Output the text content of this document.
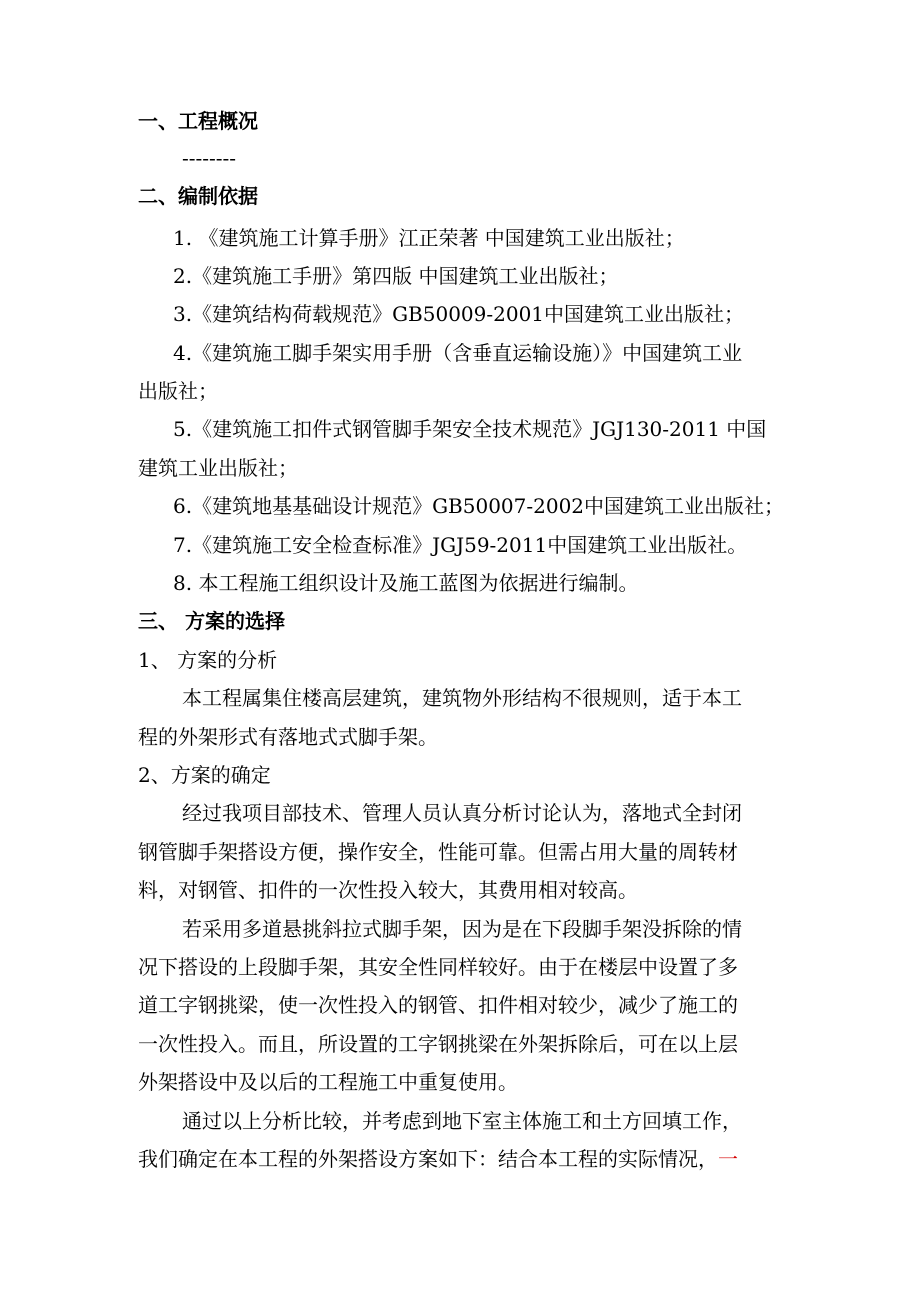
一、工程概况
--------
二、编制依据
1. 《建筑施工计算手册》江正荣著 中国建筑工业出版社；
2.《建筑施工手册》第四版 中国建筑工业出版社；
3.《建筑结构荷载规范》GB50009-2001中国建筑工业出版社；
4.《建筑施工脚手架实用手册（含垂直运输设施）》中国建筑工业
出版社；
5.《建筑施工扣件式钢管脚手架安全技术规范》JGJ130-2011 中国
建筑工业出版社；
6.《建筑地基基础设计规范》GB50007-2002中国建筑工业出版社；
7.《建筑施工安全检查标准》JGJ59-2011中国建筑工业出版社。
8. 本工程施工组织设计及施工蓝图为依据进行编制。
三、 方案的选择
1、 方案的分析
本工程属集住楼高层建筑，建筑物外形结构不很规则，适于本工
程的外架形式有落地式式脚手架。
2、方案的确定
经过我项目部技术、管理人员认真分析讨论认为，落地式全封闭
钢管脚手架搭设方便，操作安全，性能可靠。但需占用大量的周转材
料，对钢管、扣件的一次性投入较大，其费用相对较高。
若采用多道悬挑斜拉式脚手架，因为是在下段脚手架没拆除的情
况下搭设的上段脚手架，其安全性同样较好。由于在楼层中设置了多
道工字钢挑梁，使一次性投入的钢管、扣件相对较少，减少了施工的
一次性投入。而且，所设置的工字钢挑梁在外架拆除后，可在以上层
外架搭设中及以后的工程施工中重复使用。
通过以上分析比较，并考虑到地下室主体施工和土方回填工作，
我们确定在本工程的外架搭设方案如下：结合本工程的实际情况，一
